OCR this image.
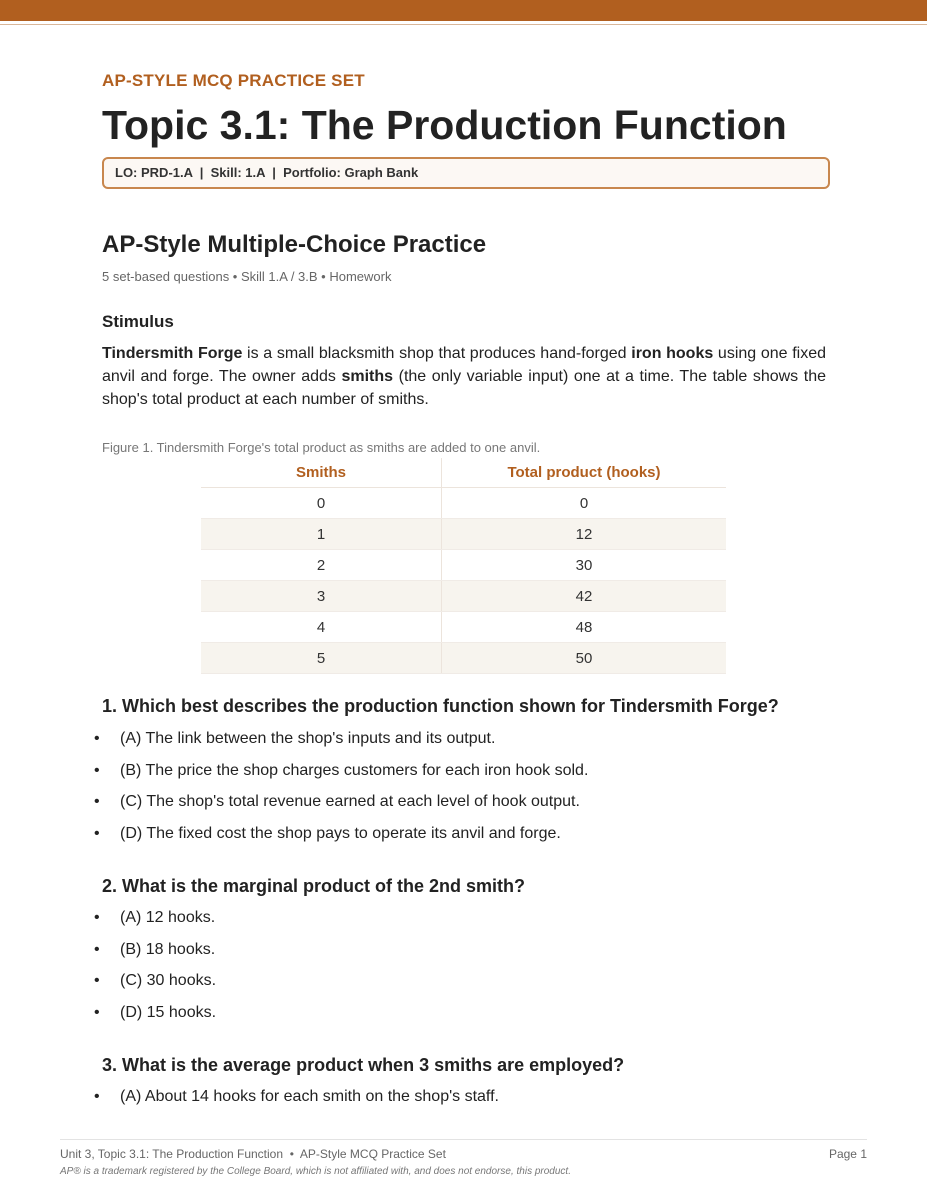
AP-STYLE MCQ PRACTICE SET
Topic 3.1: The Production Function
LO: PRD-1.A  |  Skill: 1.A  |  Portfolio: Graph Bank
AP-Style Multiple-Choice Practice
5 set-based questions • Skill 1.A / 3.B • Homework
Stimulus

Tindersmith Forge is a small blacksmith shop that produces hand-forged iron hooks using one fixed anvil and forge. The owner adds smiths (the only variable input) one at a time. The table shows the shop's total product at each number of smiths.

Figure 1. Tindersmith Forge's total product as smiths are added to one anvil.
Smiths	Total product (hooks)
0	0
1	12
2	30
3	42
4	48
5	50
1. Which best describes the production function shown for Tindersmith Forge?
• (A) The link between the shop's inputs and its output.
• (B) The price the shop charges customers for each iron hook sold.
• (C) The shop's total revenue earned at each level of hook output.
• (D) The fixed cost the shop pays to operate its anvil and forge.
2. What is the marginal product of the 2nd smith?
• (A) 12 hooks.
• (B) 18 hooks.
• (C) 30 hooks.
• (D) 15 hooks.
3. What is the average product when 3 smiths are employed?
• (A) About 14 hooks for each smith on the shop's staff.
Unit 3, Topic 3.1: The Production Function  •  AP-Style MCQ Practice Set	Page 1
AP® is a trademark registered by the College Board, which is not affiliated with, and does not endorse, this product.
